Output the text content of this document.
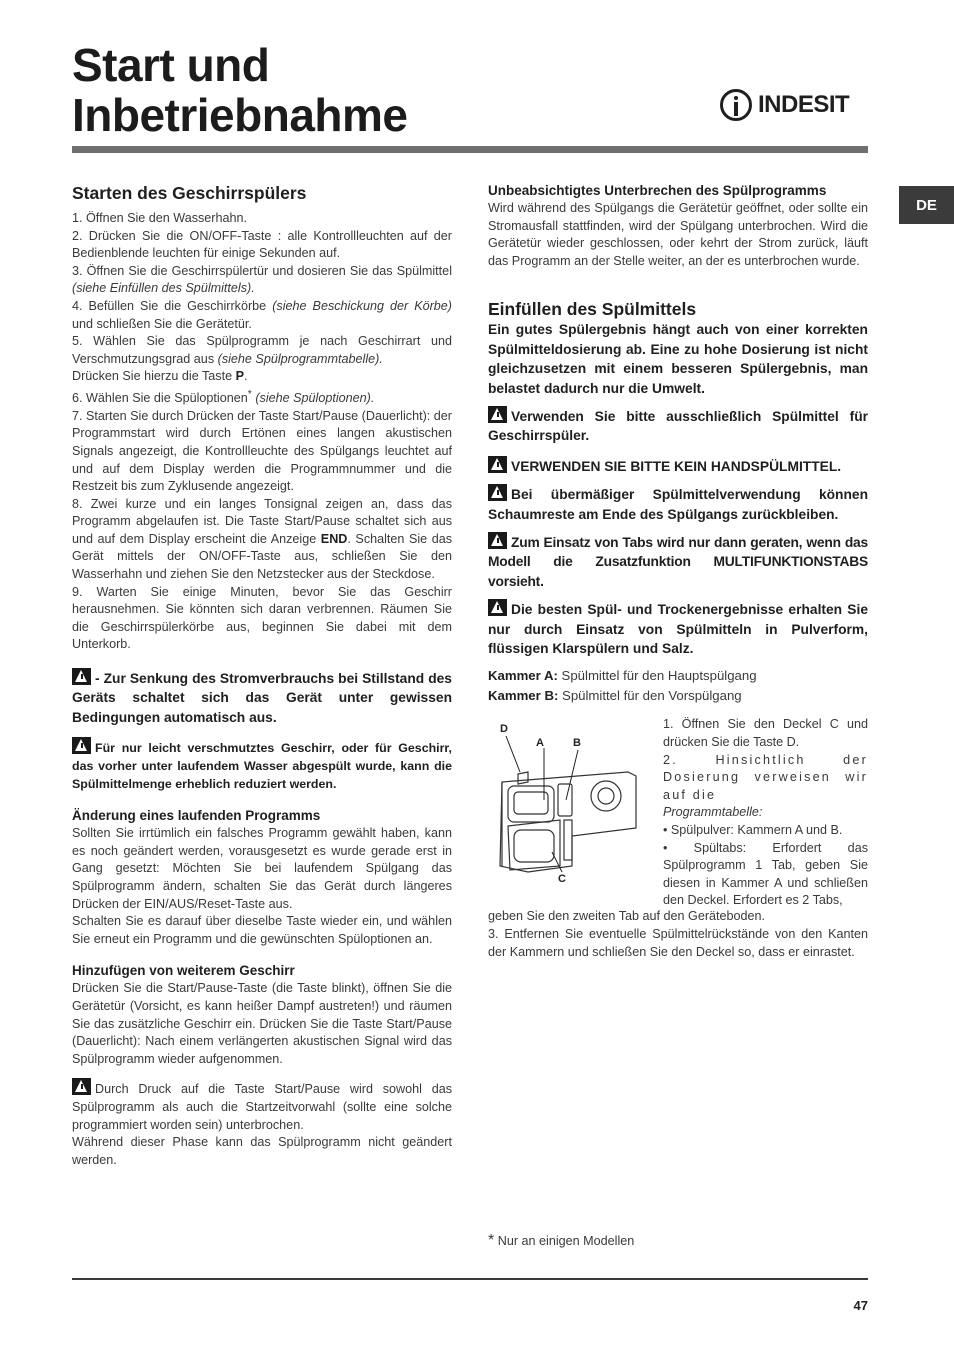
Start und
Inbetriebnahme	INDESIT
DE
Starten des Geschirrspülers

1. Öffnen Sie den Wasserhahn.

2. Drücken Sie die ON/OFF-Taste : alle Kontrollleuchten auf der Bedienblende leuchten für einige Sekunden auf.

3. Öffnen Sie die Geschirrspülertür und dosieren Sie das Spülmittel (siehe Einfüllen des Spülmittels).

4. Befüllen Sie die Geschirrkörbe (siehe Beschickung der Körbe) und schließen Sie die Gerätetür.

5. Wählen Sie das Spülprogramm je nach Geschirrart und Verschmutzungsgrad aus (siehe Spülprogrammtabelle).
Drücken Sie hierzu die Taste P.

6. Wählen Sie die Spüloptionen* (siehe Spüloptionen).

7. Starten Sie durch Drücken der Taste Start/Pause (Dauerlicht): der Programmstart wird durch Ertönen eines langen akustischen Signals angezeigt, die Kontrollleuchte des Spülgangs leuchtet auf und auf dem Display werden die Programmnummer und die Restzeit bis zum Zyklusende angezeigt.

8. Zwei kurze und ein langes Tonsignal zeigen an, dass das Programm abgelaufen ist. Die Taste Start/Pause schaltet sich aus und auf dem Display erscheint die Anzeige END. Schalten Sie das Gerät mittels der ON/OFF-Taste aus, schließen Sie den Wasserhahn und ziehen Sie den Netzstecker aus der Steckdose.

9. Warten Sie einige Minuten, bevor Sie das Geschirr herausnehmen. Sie könnten sich daran verbrennen. Räumen Sie die Geschirrspülerkörbe aus, beginnen Sie dabei mit dem Unterkorb.

- Zur Senkung des Stromverbrauchs bei Stillstand des Geräts schaltet sich das Gerät unter gewissen Bedingungen automatisch aus.

Für nur leicht verschmutztes Geschirr, oder für Geschirr, das vorher unter laufendem Wasser abgespült wurde, kann die Spülmittelmenge erheblich reduziert werden.

Änderung eines laufenden Programms

Sollten Sie irrtümlich ein falsches Programm gewählt haben, kann es noch geändert werden, vorausgesetzt es wurde gerade erst in Gang gesetzt: Möchten Sie bei laufendem Spülgang das Spülprogramm ändern, schalten Sie das Gerät durch längeres Drücken der EIN/AUS/Reset-Taste aus.

Schalten Sie es darauf über dieselbe Taste wieder ein, und wählen Sie erneut ein Programm und die gewünschten Spüloptionen an.

Hinzufügen von weiterem Geschirr

Drücken Sie die Start/Pause-Taste (die Taste blinkt), öffnen Sie die Gerätetür (Vorsicht, es kann heißer Dampf austreten!) und räumen Sie das zusätzliche Geschirr ein. Drücken Sie die Taste Start/Pause (Dauerlicht): Nach einem verlängerten akustischen Signal wird das Spülprogramm wieder aufgenommen.

Durch Druck auf die Taste Start/Pause wird sowohl das Spülprogramm als auch die Startzeitvorwahl (sollte eine solche programmiert worden sein) unterbrochen.

Während dieser Phase kann das Spülprogramm nicht geändert werden.

Unbeabsichtigtes Unterbrechen des Spülprogramms

Wird während des Spülgangs die Gerätetür geöffnet, oder sollte ein Stromausfall stattfinden, wird der Spülgang unterbrochen. Wird die Gerätetür wieder geschlossen, oder kehrt der Strom zurück, läuft das Programm an der Stelle weiter, an der es unterbrochen wurde.

Einfüllen des Spülmittels

Ein gutes Spülergebnis hängt auch von einer korrekten Spülmitteldosierung ab. Eine zu hohe Dosierung ist nicht gleichzusetzen mit einem besseren Spülergebnis, man belastet dadurch nur die Umwelt.

Verwenden Sie bitte ausschließlich Spülmittel für Geschirrspüler.

VERWENDEN SIE BITTE KEIN HANDSPÜLMITTEL.

Bei übermäßiger Spülmittelverwendung können Schaumreste am Ende des Spülgangs zurückbleiben.

Zum Einsatz von Tabs wird nur dann geraten, wenn das Modell die Zusatzfunktion MULTIFUNKTIONSTABS vorsieht.

Die besten Spül- und Trockenergebnisse erhalten Sie nur durch Einsatz von Spülmitteln in Pulverform, flüssigen Klarspülern und Salz.

Kammer A: Spülmittel für den Hauptspülgang

Kammer B: Spülmittel für den Vorspülgang

D
A	B
C

1. Öffnen Sie den Deckel C und drücken Sie die Taste D.

2. Hinsichtlich der Dosierung verweisen wir auf die

Programmtabelle:

• Spülpulver: Kammern A und B.

• Spültabs: Erfordert das Spülprogramm 1 Tab, geben Sie diesen in Kammer A und schließen den Deckel. Erfordert es 2 Tabs,

geben Sie den zweiten Tab auf den Geräteboden.

3. Entfernen Sie eventuelle Spülmittelrückstände von den Kanten der Kammern und schließen Sie den Deckel so, dass er einrastet.

* Nur an einigen Modellen
47
